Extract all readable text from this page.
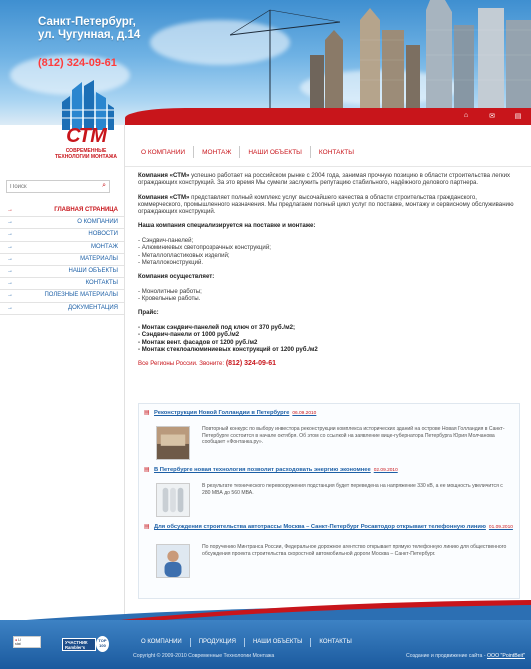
Санкт-Петербург,
ул. Чугунная, д.14
(812) 324-09-61
⌂	✉	▤
СТМ
СОВРЕМЕННЫЕ
ТЕХНОЛОГИИ МОНТАЖА
О КОМПАНИИ	МОНТАЖ	НАШИ ОБЪЕКТЫ	КОНТАКТЫ
Поиск
⌕
→	ГЛАВНАЯ СТРАНИЦА
→	О КОМПАНИИ
→	НОВОСТИ
→	МОНТАЖ
→	МАТЕРИАЛЫ
→	НАШИ ОБЪЕКТЫ
→	КОНТАКТЫ
→	ПОЛЕЗНЫЕ МАТЕРИАЛЫ
→	ДОКУМЕНТАЦИЯ

Компания «СТМ» успешно работает на российском рынке с 2004 года, занимая прочную позицию в области строительства легких ограждающих конструкций. За это время Мы сумели заслужить репутацию стабильного, надёжного делового партнера.

Компания «СТМ» представляет полный комплекс услуг высочайшего качества в области строительства гражданского, коммерческого, промышленного назначения. Мы предлагаем полный цикл услуг по поставке, монтажу и сервисному обслуживанию ограждающих конструкций.

Наша компания специализируется на поставке и монтаже:

- Сэндвич-панелей;
- Алюминиевых светопрозрачных конструкций;
- Металлопластиковых изделий;
- Металлоконструкций.

Компания осуществляет:

- Монолитные работы;
- Кровельные работы.

Прайс:

- Монтаж сэндвич-панелей под ключ от 370 руб./м2;
- Сэндвич-панели от 1000 руб./м2
- Монтаж вент. фасадов от 1200 руб./м2
- Монтаж стеклоалюминиевых конструкций от 1200 руб./м2

Все Регионы России. Звоните: (812) 324-09-61

▤ Реконструкция Новой Голландии в Петербурге 06.09.2010
Повторный конкурс по выбору инвестора реконструкции комплекса исторических зданий на острове Новая Голландия в Санкт-Петербурге состоится в начале октября. Об этом со ссылкой на заявление вице-губернатора Петербурга Юрия Молчанова сообщает «Фонтанка.ру».
▤ В Петербурге новая технология позволит расходовать энергию экономнее 02.09.2010
В результате технического перевооружения подстанция будет переведена на напряжение 330 кВ, а ее мощность увеличится с 280 МВА до 560 МВА.
▤ Для обсуждения строительства автотрассы Москва – Санкт-Петербург Росавтодор открывает телефонную линию 01.09.2010
По поручению Минтранса России, Федеральное дорожное агентство открывает прямую телефонную линию для общественного обсуждения проекта строительства скоростной автомобильной дороги Москва – Санкт-Петербург.
● LI
stat	УЧАСТНИК Rambler's
TOP 100
О КОМПАНИИ	ПРОДУКЦИЯ	НАШИ ОБЪЕКТЫ	КОНТАКТЫ
Copyright © 2009-2010 Современные Технологии Монтажа	Создание и продвижение сайта - ООО "PointBeit"
